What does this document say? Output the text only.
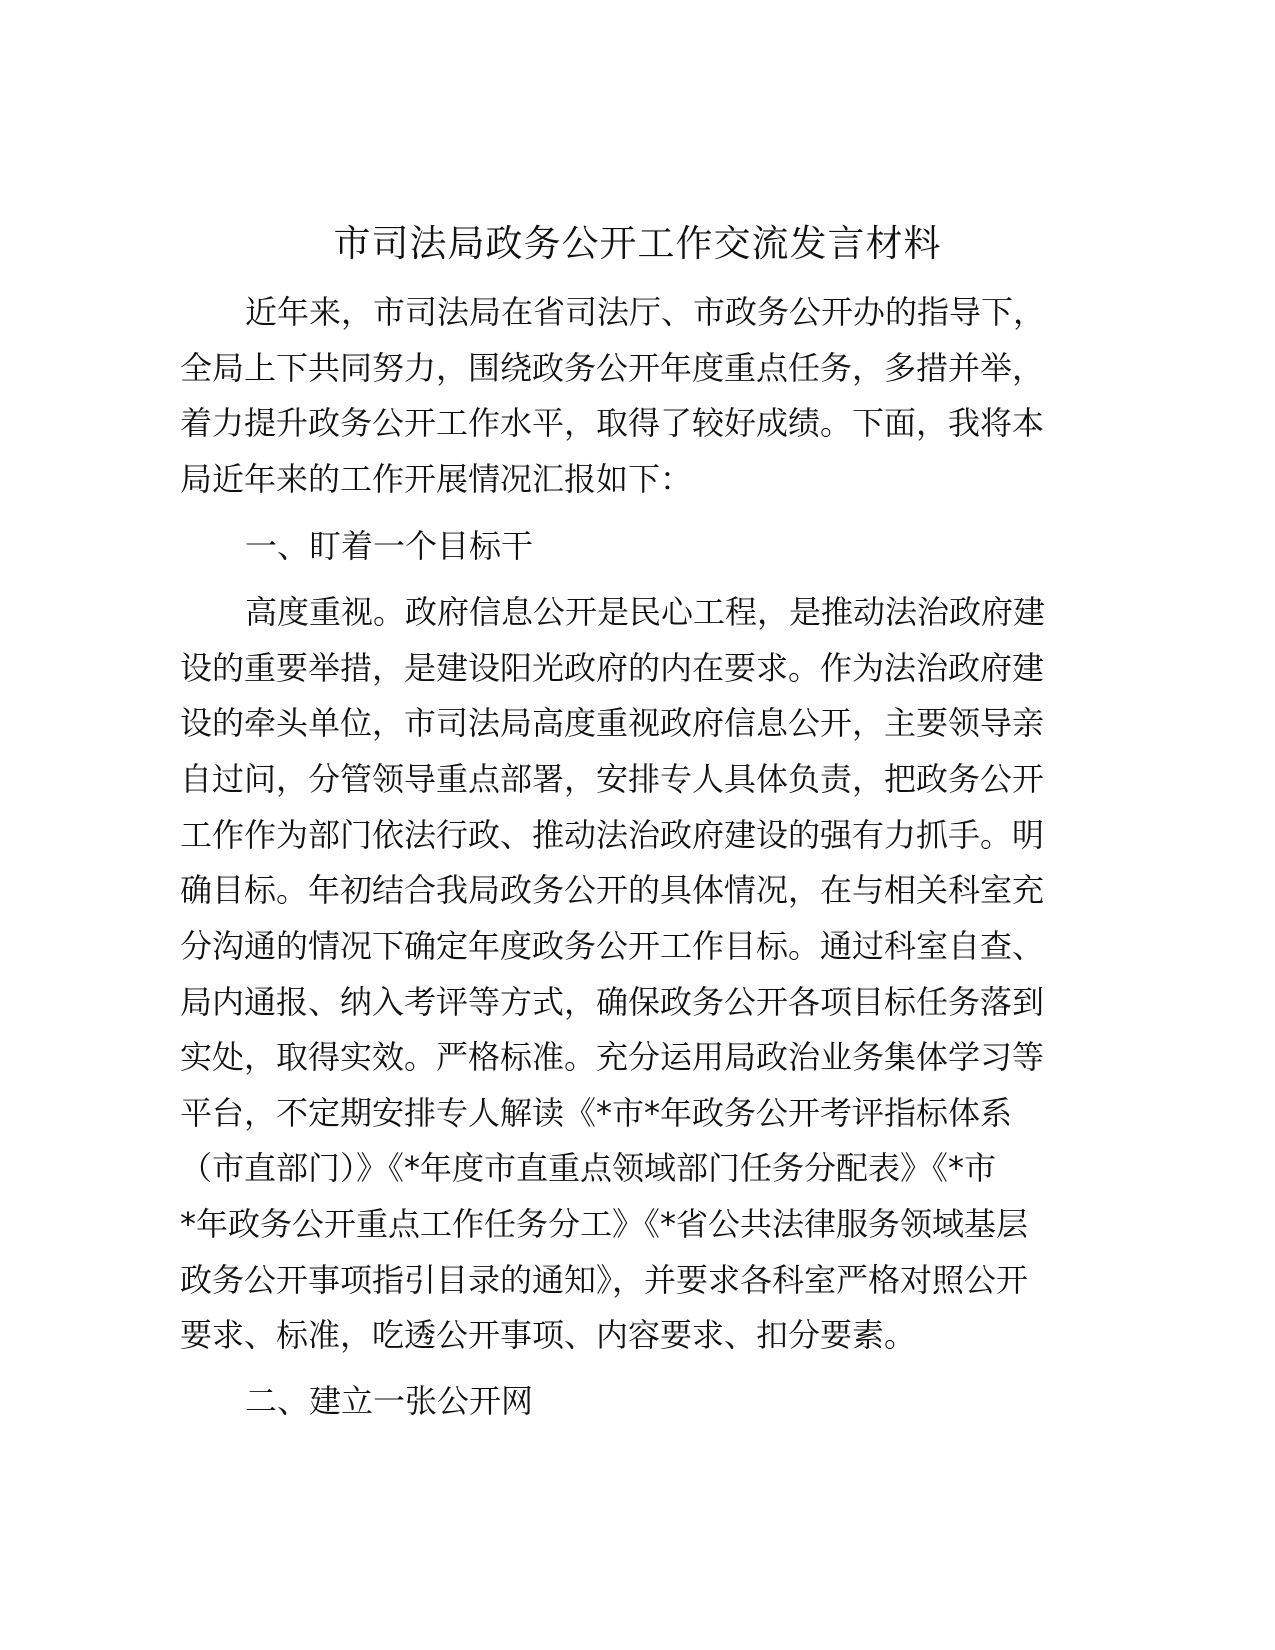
市司法局政务公开工作交流发言材料
近年来，市司法局在省司法厅、市政务公开办的指导下，
全局上下共同努力，围绕政务公开年度重点任务，多措并举，
着力提升政务公开工作水平，取得了较好成绩。下面，我将本
局近年来的工作开展情况汇报如下：
一、盯着一个目标干
高度重视。政府信息公开是民心工程，是推动法治政府建
设的重要举措，是建设阳光政府的内在要求。作为法治政府建
设的牵头单位，市司法局高度重视政府信息公开，主要领导亲
自过问，分管领导重点部署，安排专人具体负责，把政务公开
工作作为部门依法行政、推动法治政府建设的强有力抓手。明
确目标。年初结合我局政务公开的具体情况，在与相关科室充
分沟通的情况下确定年度政务公开工作目标。通过科室自查、
局内通报、纳入考评等方式，确保政务公开各项目标任务落到
实处，取得实效。严格标准。充分运用局政治业务集体学习等
平台，不定期安排专人解读《*市*年政务公开考评指标体系
（市直部门）》《*年度市直重点领域部门任务分配表》《*市
*年政务公开重点工作任务分工》《*省公共法律服务领域基层
政务公开事项指引目录的通知》，并要求各科室严格对照公开
要求、标准，吃透公开事项、内容要求、扣分要素。
二、建立一张公开网
